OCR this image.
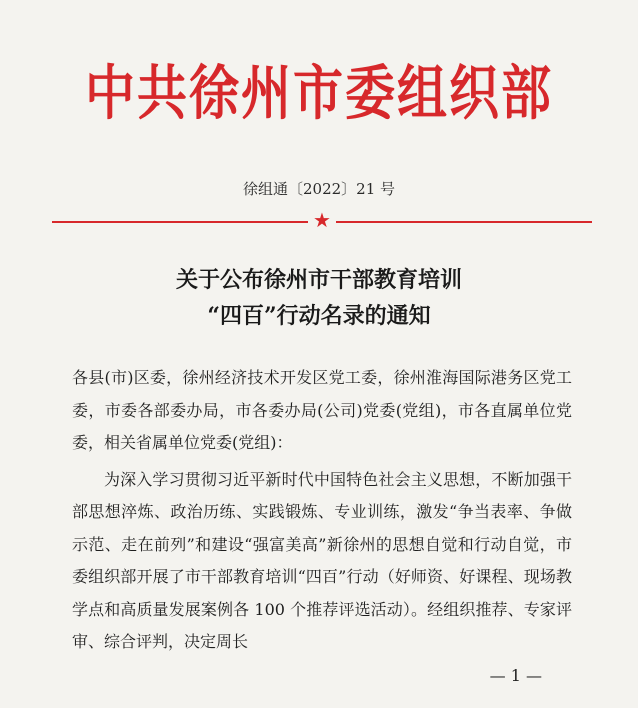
中共徐州市委组织部
徐组通〔2022〕21 号
★
关于公布徐州市干部教育培训
“四百”行动名录的通知

各县(市)区委，徐州经济技术开发区党工委，徐州淮海国际港务区党工委，市委各部委办局，市各委办局(公司)党委(党组)，市各直属单位党委，相关省属单位党委(党组)：

为深入学习贯彻习近平新时代中国特色社会主义思想，不断加强干部思想淬炼、政治历练、实践锻炼、专业训练，激发“争当表率、争做示范、走在前列”和建设“强富美高”新徐州的思想自觉和行动自觉，市委组织部开展了市干部教育培训“四百”行动（好师资、好课程、现场教学点和高质量发展案例各 100 个推荐评选活动）。经组织推荐、专家评审、综合评判，决定周长

— 1 —
